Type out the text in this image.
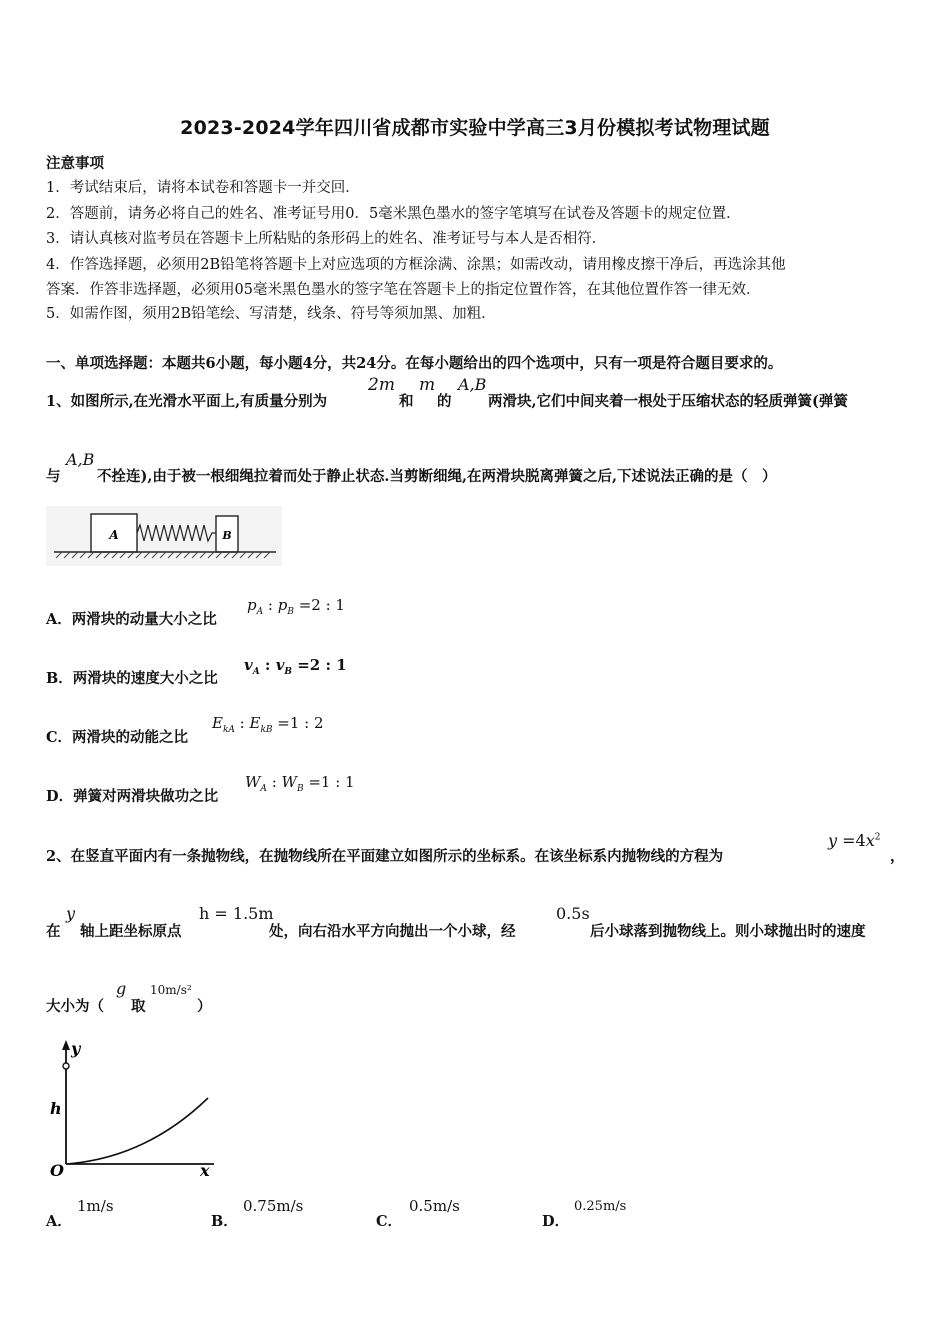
2023-2024学年四川省成都市实验中学高三3月份模拟考试物理试题
注意事项
1．考试结束后，请将本试卷和答题卡一并交回．
2．答题前，请务必将自己的姓名、准考证号用0．5毫米黑色墨水的签字笔填写在试卷及答题卡的规定位置．
3．请认真核对监考员在答题卡上所粘贴的条形码上的姓名、准考证号与本人是否相符．
4．作答选择题，必须用2B铅笔将答题卡上对应选项的方框涂满、涂黑；如需改动，请用橡皮擦干净后，再选涂其他
答案．作答非选择题，必须用05毫米黑色墨水的签字笔在答题卡上的指定位置作答，在其他位置作答一律无效．
5．如需作图，须用2B铅笔绘、写清楚，线条、符号等须加黑、加粗．
一、单项选择题：本题共6小题，每小题4分，共24分。在每小题给出的四个选项中，只有一项是符合题目要求的。
1、如图所示,在光滑水平面上,有质量分别为
2m
和
m
的
A,B
两滑块,它们中间夹着一根处于压缩状态的轻质弹簧(弹簧
与
A,B
不拴连),由于被一根细绳拉着而处于静止状态.当剪断细绳,在两滑块脱离弹簧之后,下述说法正确的是（　）
A	B
A．两滑块的动量大小之比
$p_A$ : $p_B =2$ : 1
B．两滑块的速度大小之比
$v_A$ : $v_B =2$ : 1
C．两滑块的动能之比
$E_{kA}$ : $E_{kB} =1$ : 2
D．弹簧对两滑块做功之比
$W_A$ : $W_B =1$ : 1
2、在竖直平面内有一条抛物线，在抛物线所在平面建立如图所示的坐标系。在该坐标系内抛物线的方程为
$y =4x^2$
，
在
y
轴上距坐标原点
h = 1.5m
处，向右沿水平方向抛出一个小球，经
0.5s
后小球落到抛物线上。则小球抛出时的速度
大小为（
g
取
10m/s²
）
y
h
O	x
A．
1m/s
B．
0.75m/s
C．
0.5m/s
D．
0.25m/s
